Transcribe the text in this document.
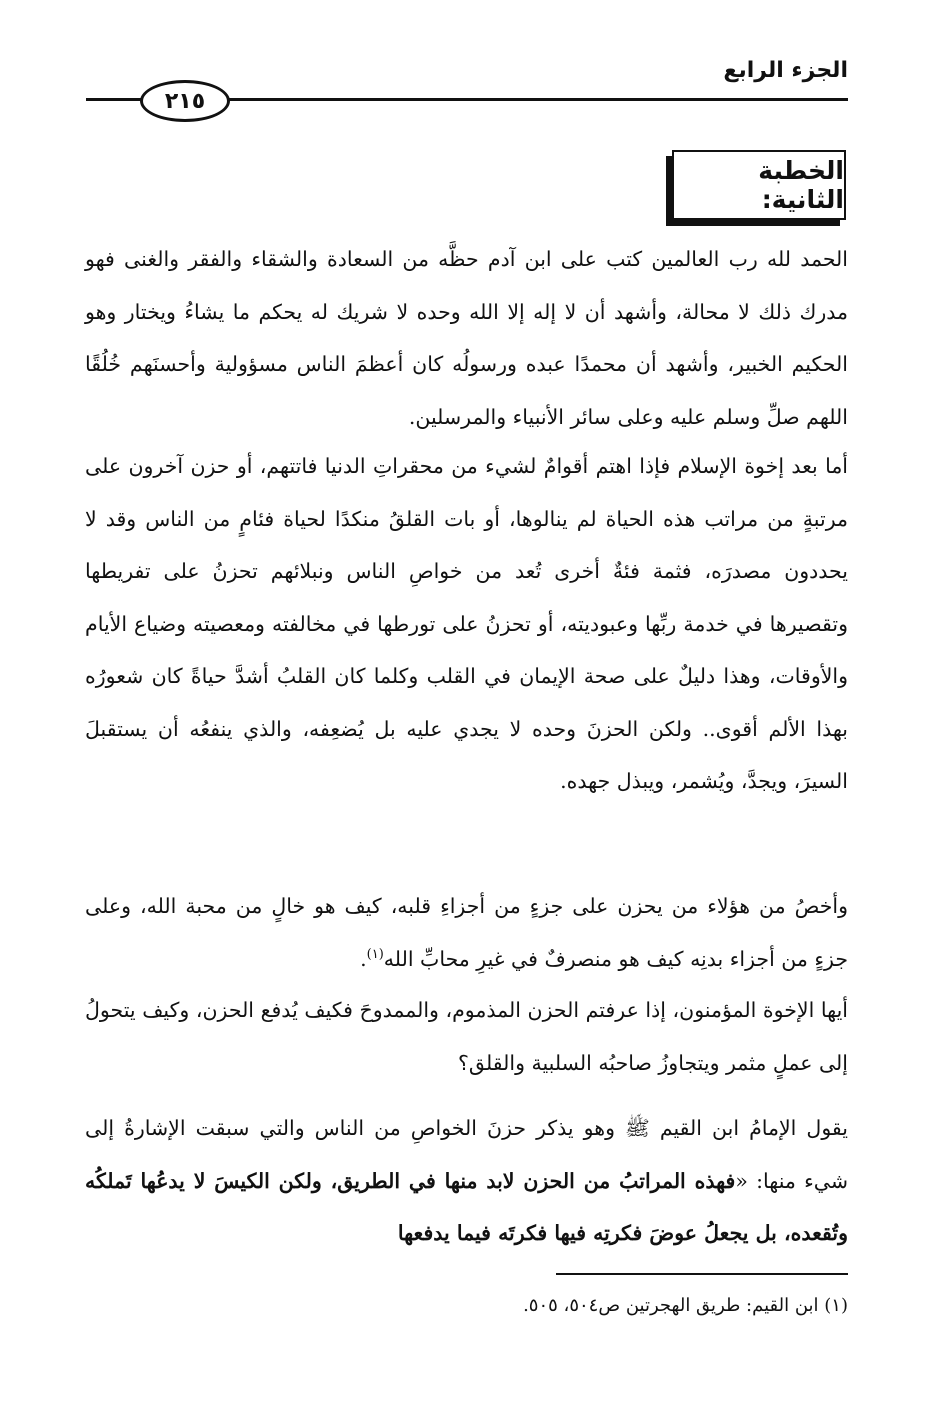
الجزء الرابع
٢١٥
الخطبة الثانية:

الحمد لله رب العالمين كتب على ابن آدم حظَّه من السعادة والشقاء والفقر والغنى فهو مدرك ذلك لا محالة، وأشهد أن لا إله إلا الله وحده لا شريك له يحكم ما يشاءُ ويختار وهو الحكيم الخبير، وأشهد أن محمدًا عبده ورسولُه كان أعظمَ الناس مسؤولية وأحسنَهم خُلُقًا اللهم صلِّ وسلم عليه وعلى سائر الأنبياء والمرسلين.

أما بعد إخوة الإسلام فإذا اهتم أقوامٌ لشيء من محقراتِ الدنيا فاتتهم، أو حزن آخرون على مرتبةٍ من مراتب هذه الحياة لم ينالوها، أو بات القلقُ منكدًا لحياة فئامٍ من الناس وقد لا يحددون مصدرَه، فثمة فئةٌ أخرى تُعد من خواصِ الناس ونبلائهم تحزنُ على تفريطها وتقصيرها في خدمة ربِّها وعبوديته، أو تحزنُ على تورطها في مخالفته ومعصيته وضياع الأيام والأوقات، وهذا دليلٌ على صحة الإيمان في القلب وكلما كان القلبُ أشدَّ حياةً كان شعورُه بهذا الألم أقوى.. ولكن الحزنَ وحده لا يجدي عليه بل يُضعِفه، والذي ينفعُه أن يستقبلَ السيرَ، ويجدَّ، ويُشمر، ويبذل جهده.

وأخصُ من هؤلاء من يحزن على جزءٍ من أجزاءِ قلبه، كيف هو خالٍ من محبة الله، وعلى جزءٍ من أجزاء بدنِه كيف هو منصرفٌ في غيرِ محابِّ الله$^{(١)}$.

أيها الإخوة المؤمنون، إذا عرفتم الحزن المذموم، والممدوحَ فكيف يُدفع الحزن، وكيف يتحولُ إلى عملٍ مثمر ويتجاوزُ صاحبُه السلبية والقلق؟

يقول الإمامُ ابن القيم ﷺ وهو يذكر حزنَ الخواصِ من الناس والتي سبقت الإشارةُ إلى شيء منها: «فهذه المراتبُ من الحزن لابد منها في الطريق، ولكن الكيسَ لا يدعُها تَملكُه وتُقعده، بل يجعلُ عوضَ فكرتِه فيها فكرتَه فيما يدفعها

(١) ابن القيم: طريق الهجرتين ص٥٠٤، ٥٠٥.
